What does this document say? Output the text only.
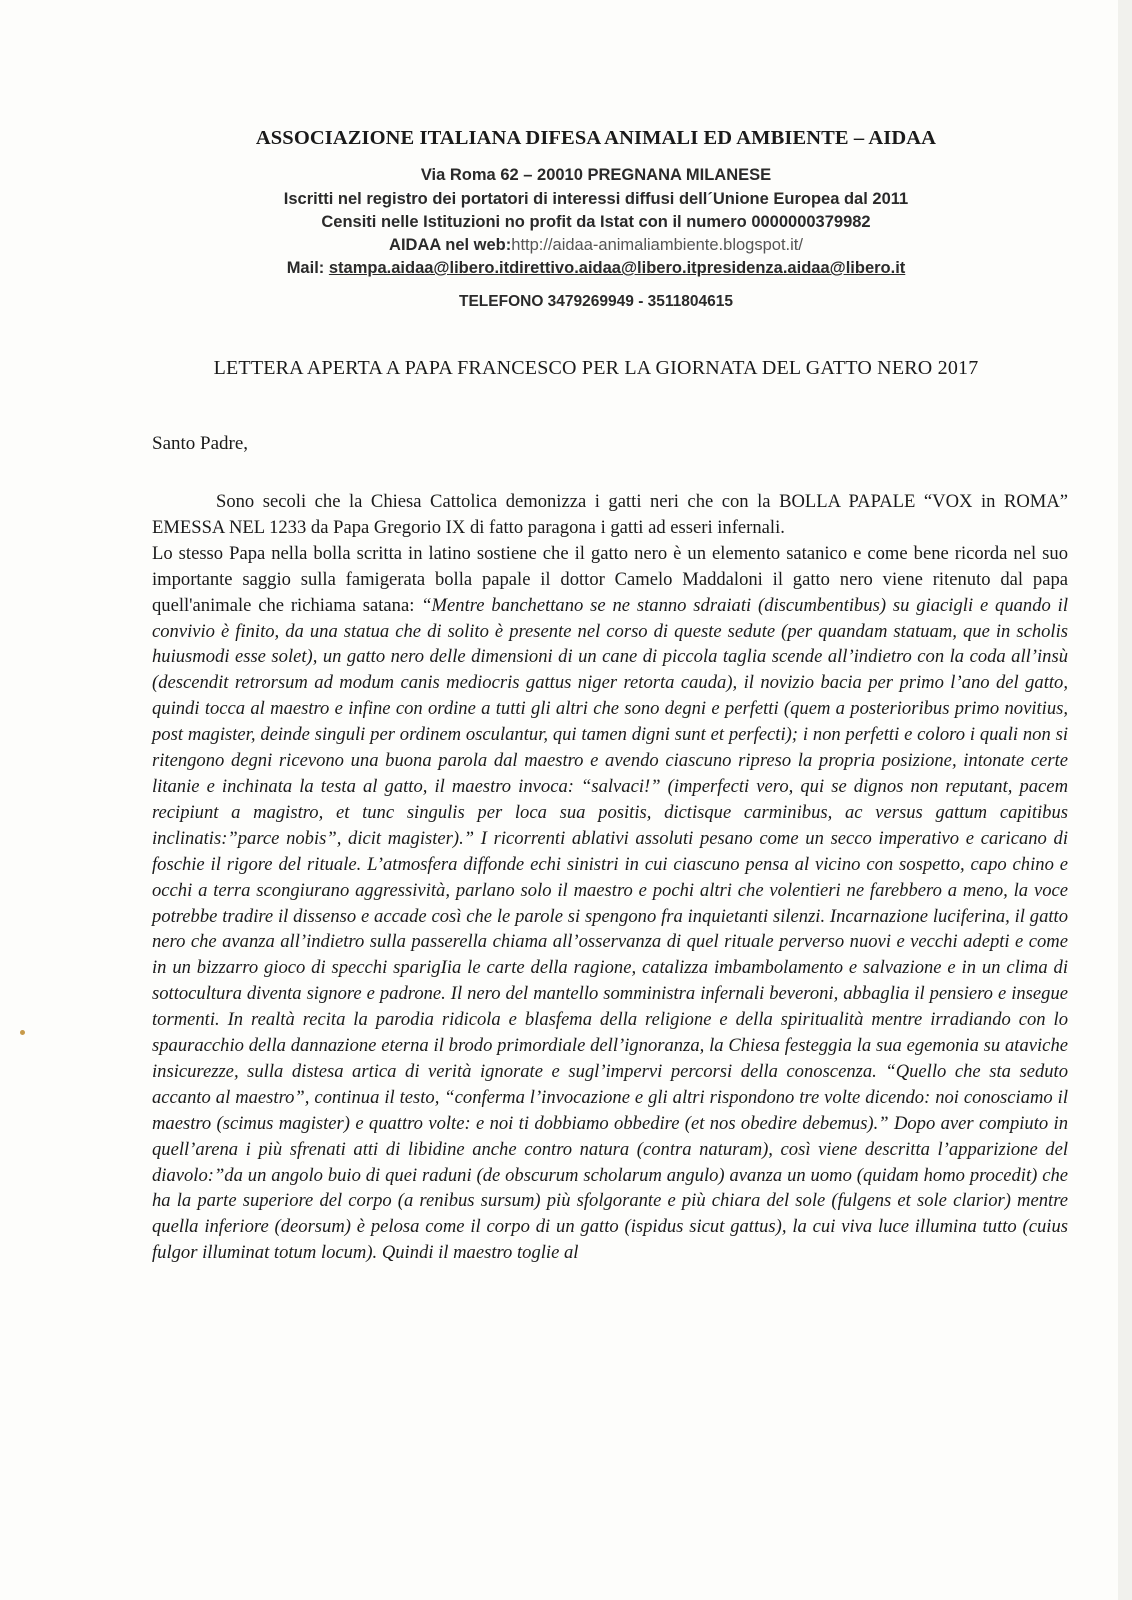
ASSOCIAZIONE ITALIANA DIFESA ANIMALI ED AMBIENTE – AIDAA
Via Roma 62 – 20010 PREGNANA MILANESE
Iscritti nel registro dei portatori di interessi diffusi dell´Unione Europea dal 2011
Censiti nelle Istituzioni no profit da Istat con il numero 0000000379982
AIDAA nel web:http://aidaa-animaliambiente.blogspot.it/
Mail: stampa.aidaa@libero.itdirettivo.aidaa@libero.itpresidenza.aidaa@libero.it
TELEFONO 3479269949 - 3511804615
LETTERA APERTA A PAPA FRANCESCO PER LA GIORNATA DEL GATTO NERO 2017
Santo Padre,

Sono secoli che la Chiesa Cattolica demonizza i gatti neri che con la BOLLA PAPALE “VOX in ROMA” EMESSA NEL 1233 da Papa Gregorio IX di fatto paragona i gatti ad esseri infernali.

Lo stesso Papa nella bolla scritta in latino sostiene che il gatto nero è un elemento satanico e come bene ricorda nel suo importante saggio sulla famigerata bolla papale il dottor Camelo Maddaloni il gatto nero viene ritenuto dal papa quell'animale che richiama satana: “Mentre banchettano se ne stanno sdraiati (discumbentibus) su giacigli e quando il convivio è finito, da una statua che di solito è presente nel corso di queste sedute (per quandam statuam, que in scholis huiusmodi esse solet), un gatto nero delle dimensioni di un cane di piccola taglia scende all’indietro con la coda all’insù (descendit retrorsum ad modum canis mediocris gattus niger retorta cauda), il novizio bacia per primo l’ano del gatto, quindi tocca al maestro e infine con ordine a tutti gli altri che sono degni e perfetti (quem a posterioribus primo novitius, post magister, deinde singuli per ordinem osculantur, qui tamen digni sunt et perfecti); i non perfetti e coloro i quali non si ritengono degni ricevono una buona parola dal maestro e avendo ciascuno ripreso la propria posizione, intonate certe litanie e inchinata la testa al gatto, il maestro invoca: “salvaci!” (imperfecti vero, qui se dignos non reputant, pacem recipiunt a magistro, et tunc singulis per loca sua positis, dictisque carminibus, ac versus gattum capitibus inclinatis:”parce nobis”, dicit magister).” I ricorrenti ablativi assoluti pesano come un secco imperativo e caricano di foschie il rigore del rituale. L’atmosfera diffonde echi sinistri in cui ciascuno pensa al vicino con sospetto, capo chino e occhi a terra scongiurano aggressività, parlano solo il maestro e pochi altri che volentieri ne farebbero a meno, la voce potrebbe tradire il dissenso e accade così che le parole si spengono fra inquietanti silenzi. Incarnazione luciferina, il gatto nero che avanza all’indietro sulla passerella chiama all’osservanza di quel rituale perverso nuovi e vecchi adepti e come in un bizzarro gioco di specchi sparigIia le carte della ragione, catalizza imbambolamento e salvazione e in un clima di sottocultura diventa signore e padrone. Il nero del mantello somministra infernali beveroni, abbaglia il pensiero e insegue tormenti. In realtà recita la parodia ridicola e blasfema della religione e della spiritualità mentre irradiando con lo spauracchio della dannazione eterna il brodo primordiale dell’ignoranza, la Chiesa festeggia la sua egemonia su ataviche insicurezze, sulla distesa artica di verità ignorate e sugl’impervi percorsi della conoscenza. “Quello che sta seduto accanto al maestro”, continua il testo, “conferma l’invocazione e gli altri rispondono tre volte dicendo: noi conosciamo il maestro (scimus magister) e quattro volte: e noi ti dobbiamo obbedire (et nos obedire debemus).” Dopo aver compiuto in quell’arena i più sfrenati atti di libidine anche contro natura (contra naturam), così viene descritta l’apparizione del diavolo:”da un angolo buio di quei raduni (de obscurum scholarum angulo) avanza un uomo (quidam homo procedit) che ha la parte superiore del corpo (a renibus sursum) più sfolgorante e più chiara del sole (fulgens et sole clarior) mentre quella inferiore (deorsum) è pelosa come il corpo di un gatto (ispidus sicut gattus), la cui viva luce illumina tutto (cuius fulgor illuminat totum locum). Quindi il maestro toglie al
